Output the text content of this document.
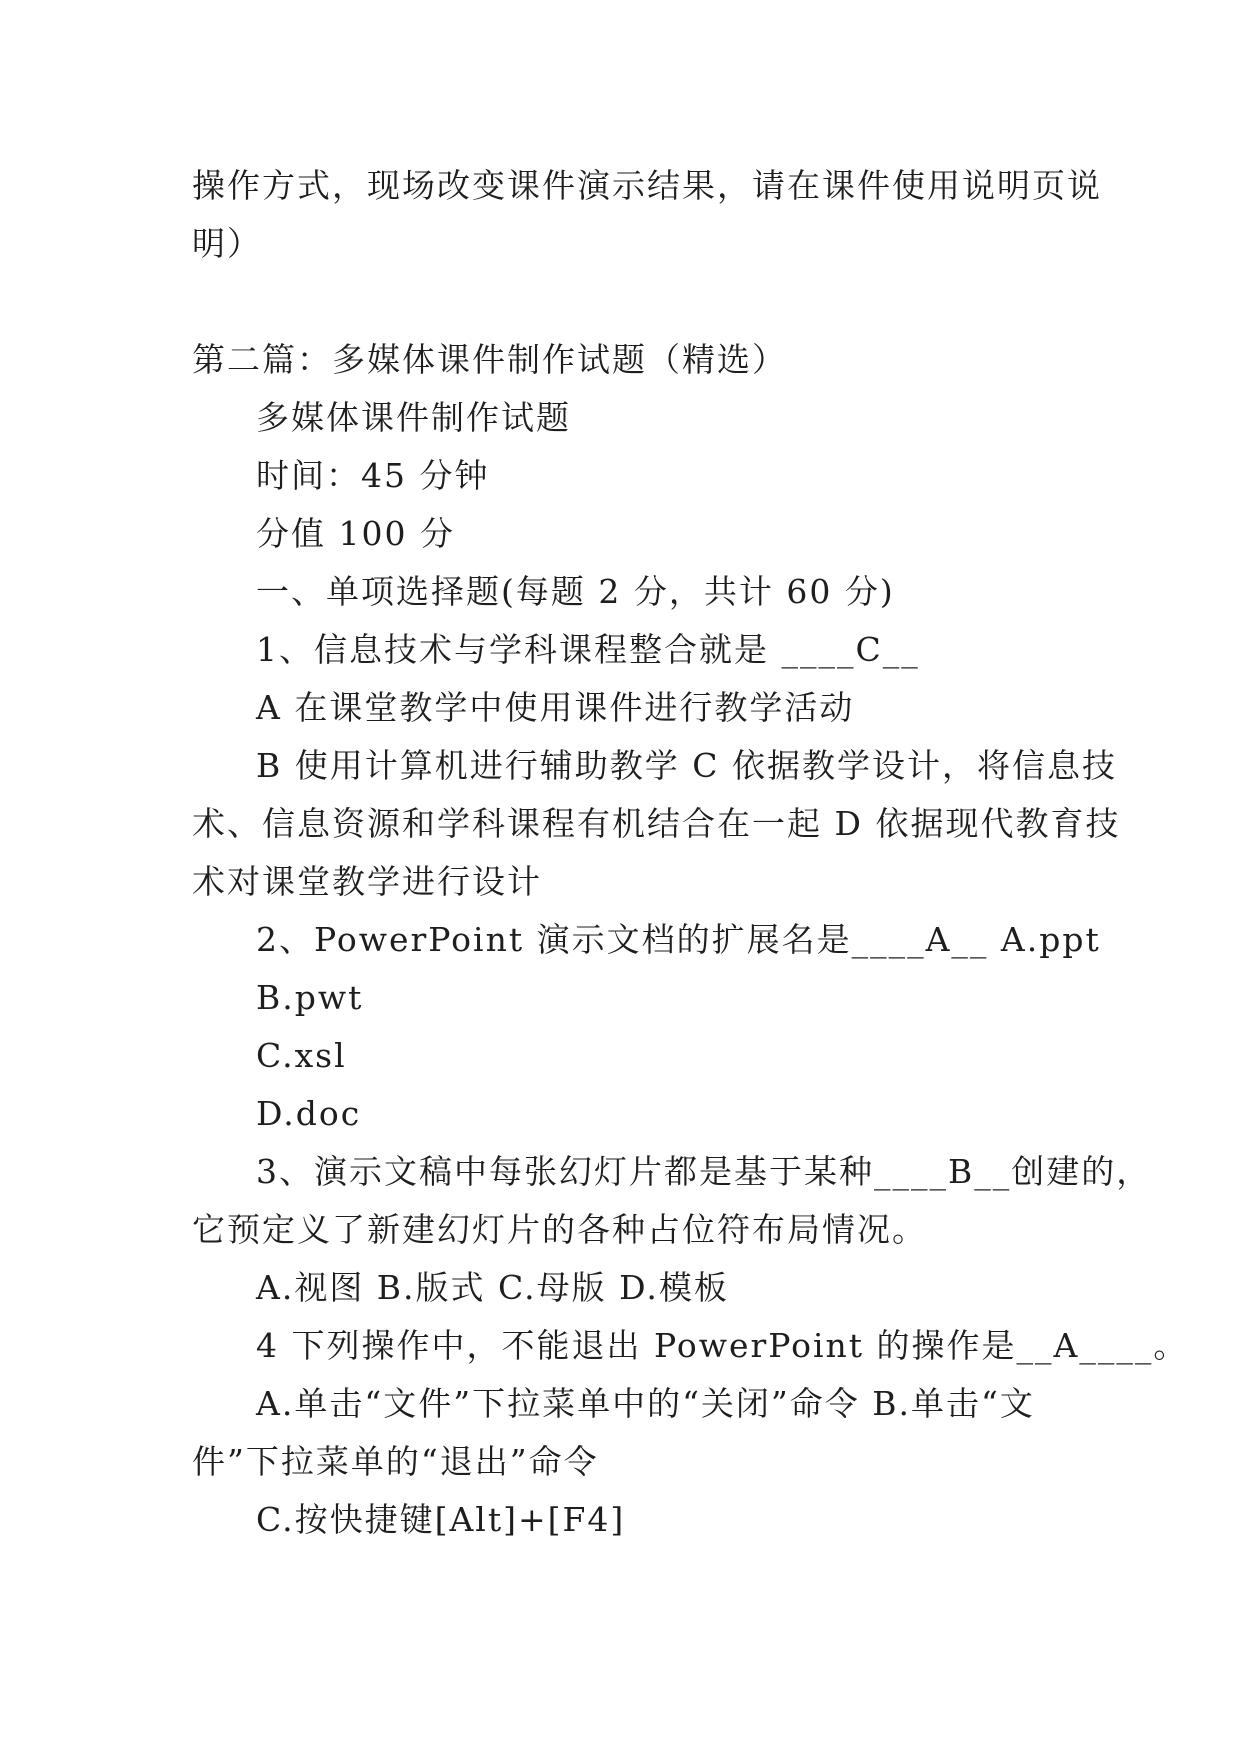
操作方式，现场改变课件演示结果，请在课件使用说明页说
明）
第二篇：多媒体课件制作试题（精选）
多媒体课件制作试题
时间：45 分钟
分值 100 分
一、单项选择题(每题 2 分，共计 60 分)
1、信息技术与学科课程整合就是 ____C__
A 在课堂教学中使用课件进行教学活动
B 使用计算机进行辅助教学 C 依据教学设计，将信息技
术、信息资源和学科课程有机结合在一起 D 依据现代教育技
术对课堂教学进行设计
2、PowerPoint 演示文档的扩展名是____A__ A.ppt
B.pwt
C.xsl
D.doc
3、演示文稿中每张幻灯片都是基于某种____B__创建的，
它预定义了新建幻灯片的各种占位符布局情况。
A.视图 B.版式 C.母版 D.模板
4 下列操作中，不能退出 PowerPoint 的操作是__A____。
A.单击“文件”下拉菜单中的“关闭”命令 B.单击“文
件”下拉菜单的“退出”命令
C.按快捷键[Alt]+[F4]
